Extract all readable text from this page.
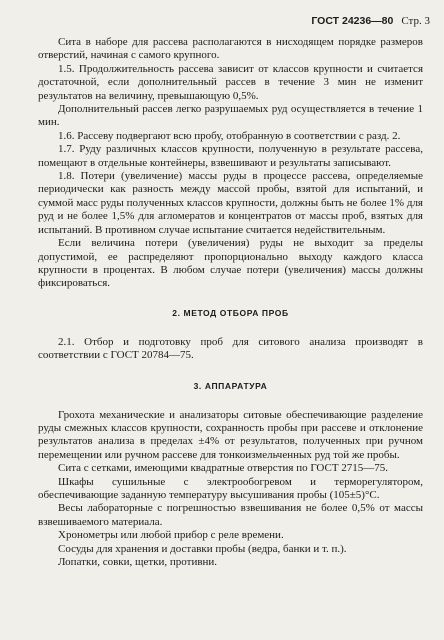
ГОСТ 24236—80 Стр. 3

Сита в наборе для рассева располагаются в нисходящем порядке размеров отверстий, начиная с самого крупного.

1.5. Продолжительность рассева зависит от классов крупности и считается достаточной, если дополнительный рассев в течение 3 мин не изменит результатов на величину, превышающую 0,5%.

Дополнительный рассев легко разрушаемых руд осуществляется в течение 1 мин.

1.6. Рассеву подвергают всю пробу, отобранную в соответствии с разд. 2.

1.7. Руду различных классов крупности, полученную в результате рассева, помещают в отдельные контейнеры, взвешивают и результаты записывают.

1.8. Потери (увеличение) массы руды в процессе рассева, определяемые периодически как разность между массой пробы, взятой для испытаний, и суммой масс руды полученных классов крупности, должны быть не более 1% для руд и не более 1,5% для агломератов и концентратов от массы проб, взятых для испытаний. В противном случае испытание считается недействительным.

Если величина потери (увеличения) руды не выходит за пределы допустимой, ее распределяют пропорционально выходу каждого класса крупности в процентах. В любом случае потери (увеличения) массы должны фиксироваться.

2. МЕТОД ОТБОРА ПРОБ

2.1. Отбор и подготовку проб для ситового анализа производят в соответствии с ГОСТ 20784—75.

3. АППАРАТУРА

Грохота механические и анализаторы ситовые обеспечивающие разделение руды смежных классов крупности, сохранность пробы при рассеве и отклонение результатов анализа в пределах ±4% от результатов, полученных при ручном перемещении или ручном рассеве для тонкоизмельченных руд той же пробы.

Сита с сетками, имеющими квадратные отверстия по ГОСТ 2715—75.

Шкафы сушильные с электрообогревом и терморегулятором, обеспечивающие заданную температуру высушивания пробы (105±5)°С.

Весы лабораторные с погрешностью взвешивания не более 0,5% от массы взвешиваемого материала.

Хронометры или любой прибор с реле времени.

Сосуды для хранения и доставки пробы (ведра, банки и т. п.).

Лопатки, совки, щетки, противни.
